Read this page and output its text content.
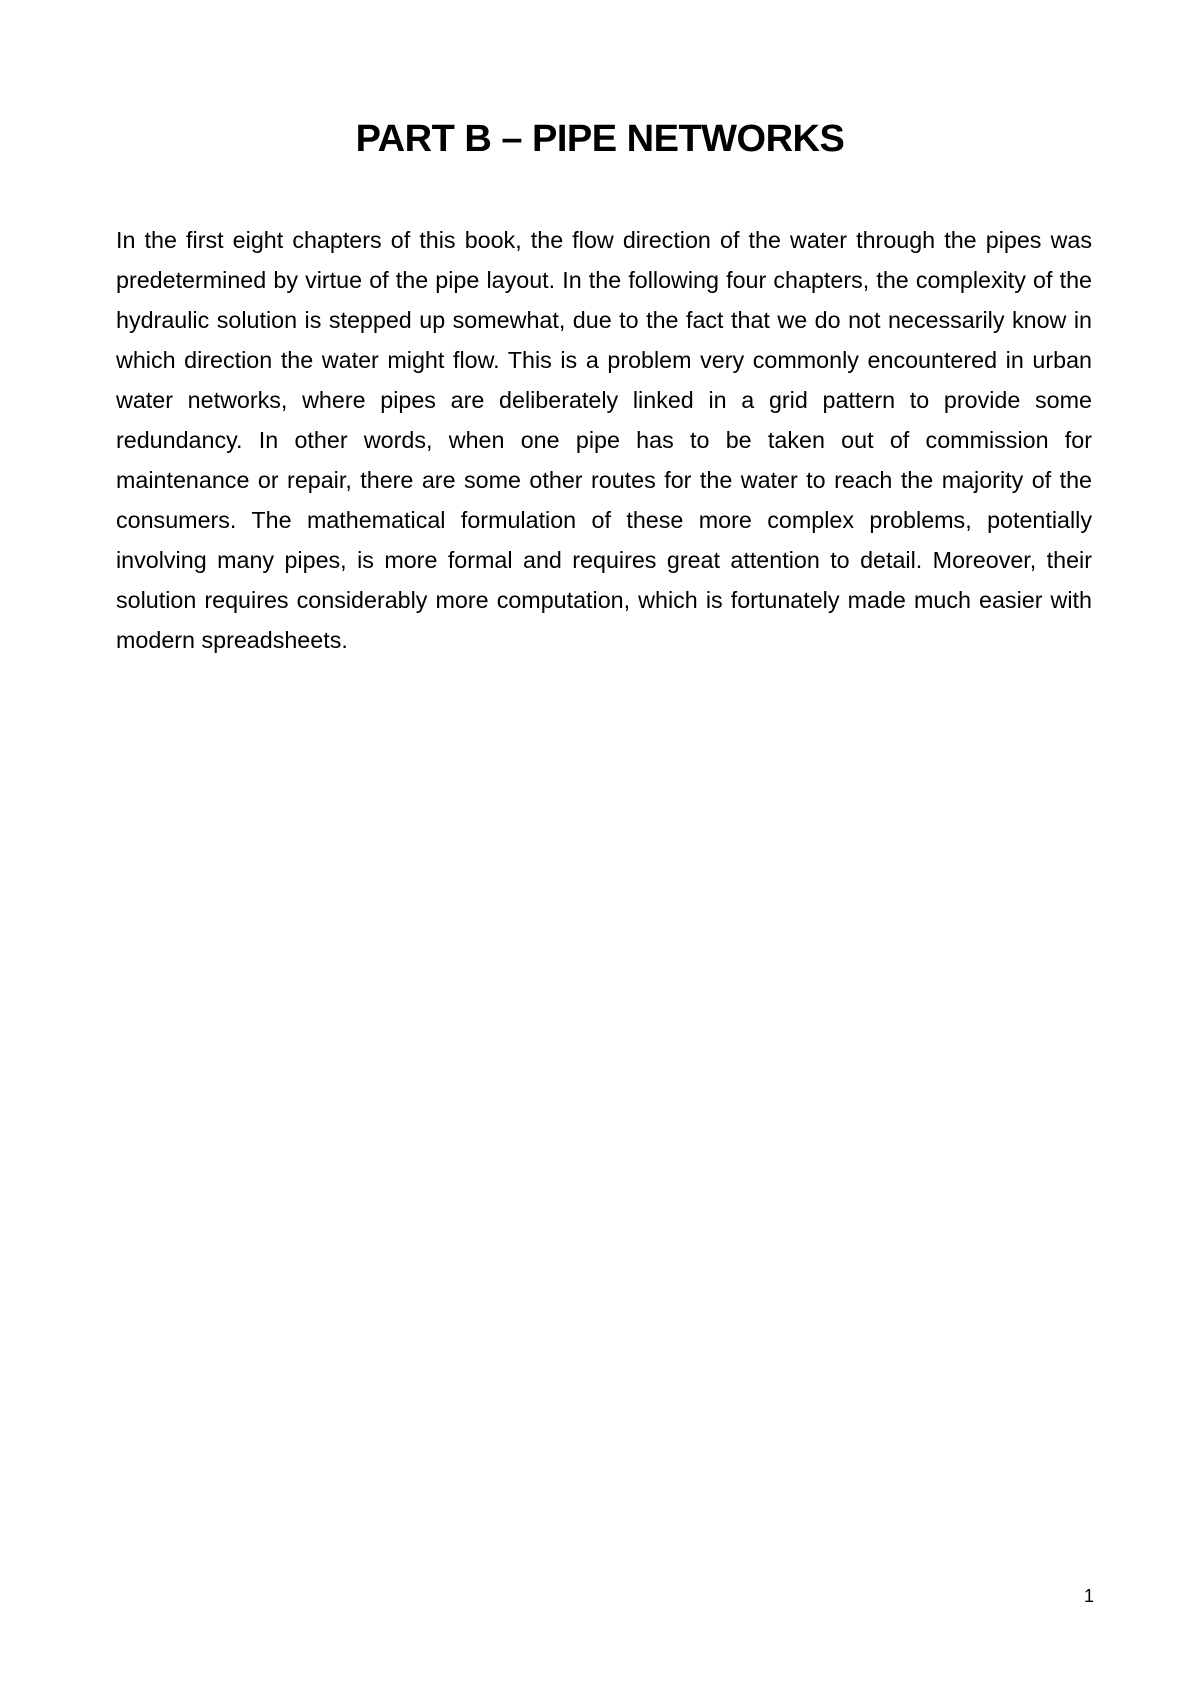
PART B – PIPE NETWORKS

In the first eight chapters of this book, the flow direction of the water through the pipes was predetermined by virtue of the pipe layout. In the following four chapters, the complexity of the hydraulic solution is stepped up somewhat, due to the fact that we do not necessarily know in which direction the water might flow. This is a problem very commonly encountered in urban water networks, where pipes are deliberately linked in a grid pattern to provide some redundancy. In other words, when one pipe has to be taken out of commission for maintenance or repair, there are some other routes for the water to reach the majority of the consumers. The mathematical formulation of these more complex problems, potentially involving many pipes, is more formal and requires great attention to detail. Moreover, their solution requires considerably more computation, which is fortunately made much easier with modern spreadsheets.

1
